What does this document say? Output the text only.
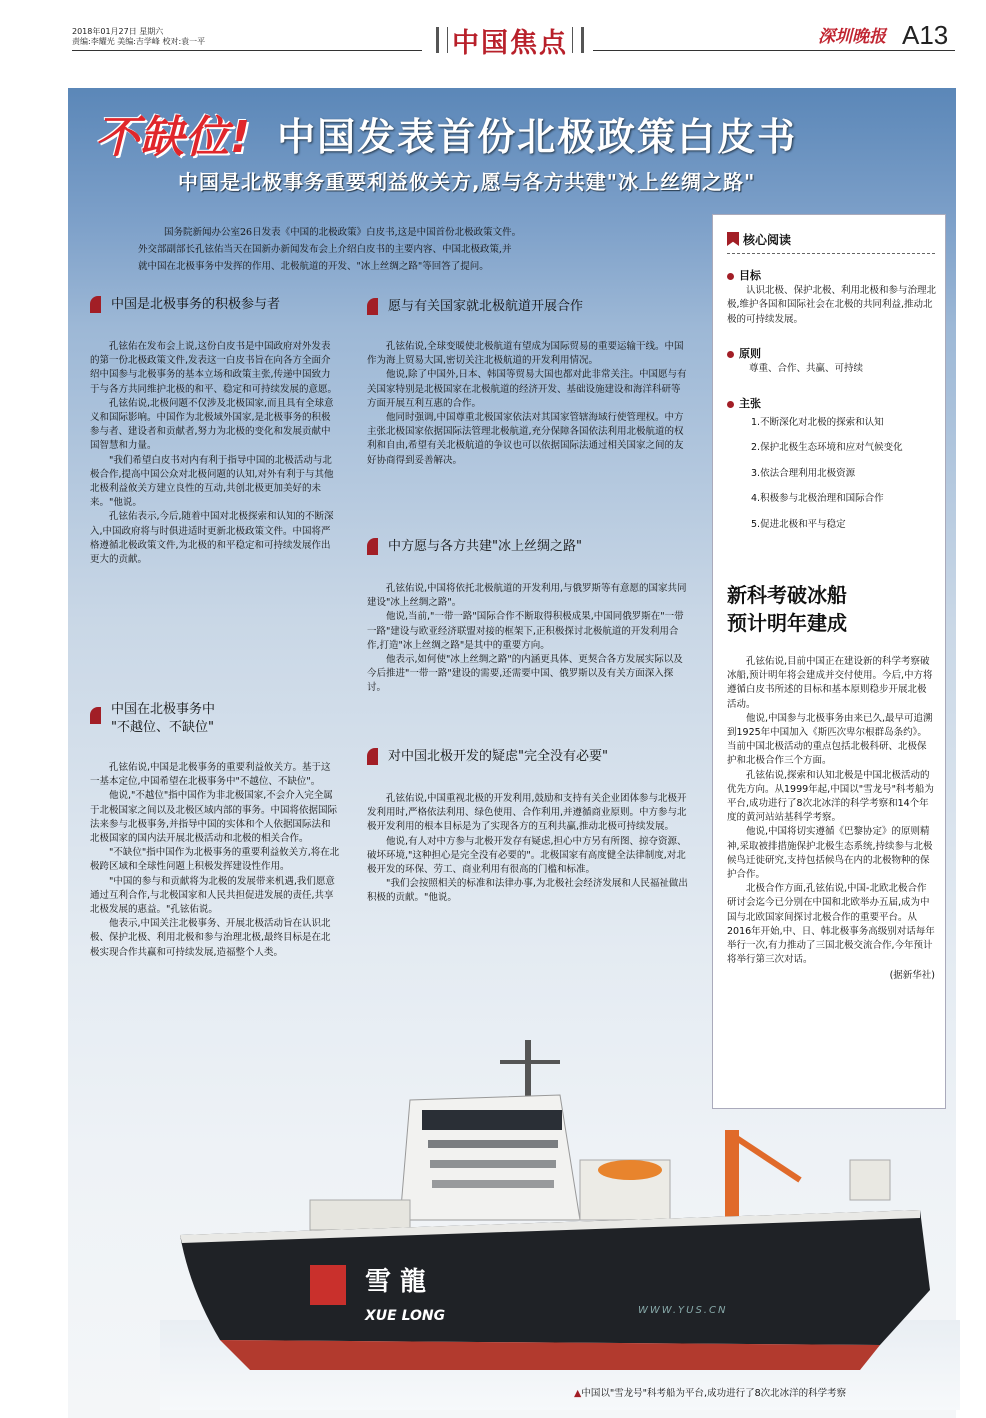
2018年01月27日 星期六
责编:李耀光 美编:吉学峰 校对:袁一平	中国焦点	深圳晚报 A13
不缺位! 中国发表首份北极政策白皮书
中国是北极事务重要利益攸关方,愿与各方共建"冰上丝绸之路"

国务院新闻办公室26日发表《中国的北极政策》白皮书,这是中国首份北极政策文件。

外交部副部长孔铉佑当天在国新办新闻发布会上介绍白皮书的主要内容、中国北极政策,并

就中国在北极事务中发挥的作用、北极航道的开发、"冰上丝绸之路"等回答了提问。

中国是北极事务的积极参与者

孔铉佑在发布会上说,这份白皮书是中国政府对外发表的第一份北极政策文件,发表这一白皮书旨在向各方全面介绍中国参与北极事务的基本立场和政策主张,传递中国致力于与各方共同维护北极的和平、稳定和可持续发展的意愿。

孔铉佑说,北极问题不仅涉及北极国家,而且具有全球意义和国际影响。中国作为北极域外国家,是北极事务的积极参与者、建设者和贡献者,努力为北极的变化和发展贡献中国智慧和力量。

"我们希望白皮书对内有利于指导中国的北极活动与北极合作,提高中国公众对北极问题的认知,对外有利于与其他北极利益攸关方建立良性的互动,共创北极更加美好的未来。"他说。

孔铉佑表示,今后,随着中国对北极探索和认知的不断深入,中国政府将与时俱进适时更新北极政策文件。中国将严格遵循北极政策文件,为北极的和平稳定和可持续发展作出更大的贡献。

中国在北极事务中
"不越位、不缺位"

孔铉佑说,中国是北极事务的重要利益攸关方。基于这一基本定位,中国希望在北极事务中"不越位、不缺位"。

他说,"不越位"指中国作为非北极国家,不会介入完全属于北极国家之间以及北极区域内部的事务。中国将依据国际法来参与北极事务,并指导中国的实体和个人依据国际法和北极国家的国内法开展北极活动和北极的相关合作。

"不缺位"指中国作为北极事务的重要利益攸关方,将在北极跨区域和全球性问题上积极发挥建设性作用。

"中国的参与和贡献将为北极的发展带来机遇,我们愿意通过互利合作,与北极国家和人民共担促进发展的责任,共享北极发展的惠益。"孔铉佑说。

他表示,中国关注北极事务、开展北极活动旨在认识北极、保护北极、利用北极和参与治理北极,最终目标是在北极实现合作共赢和可持续发展,造福整个人类。

愿与有关国家就北极航道开展合作

孔铉佑说,全球变暖使北极航道有望成为国际贸易的重要运输干线。中国作为海上贸易大国,密切关注北极航道的开发利用情况。

他说,除了中国外,日本、韩国等贸易大国也都对此非常关注。中国愿与有关国家特别是北极国家在北极航道的经济开发、基础设施建设和海洋科研等方面开展互利互惠的合作。

他同时强调,中国尊重北极国家依法对其国家管辖海域行使管理权。中方主张北极国家依据国际法管理北极航道,充分保障各国依法利用北极航道的权利和自由,希望有关北极航道的争议也可以依据国际法通过相关国家之间的友好协商得到妥善解决。

中方愿与各方共建"冰上丝绸之路"

孔铉佑说,中国将依托北极航道的开发利用,与俄罗斯等有意愿的国家共同建设"冰上丝绸之路"。

他说,当前,"一带一路"国际合作不断取得积极成果,中国同俄罗斯在"一带一路"建设与欧亚经济联盟对接的框架下,正积极探讨北极航道的开发利用合作,打造"冰上丝绸之路"是其中的重要方向。

他表示,如何使"冰上丝绸之路"的内涵更具体、更契合各方发展实际以及今后推进"一带一路"建设的需要,还需要中国、俄罗斯以及有关方面深入探讨。

对中国北极开发的疑虑"完全没有必要"

孔铉佑说,中国重视北极的开发利用,鼓励和支持有关企业团体参与北极开发利用时,严格依法利用、绿色使用、合作利用,并遵循商业原则。中方参与北极开发利用的根本目标是为了实现各方的互利共赢,推动北极可持续发展。

他说,有人对中方参与北极开发存有疑虑,担心中方另有所图、掠夺资源、破坏环境,"这种担心是完全没有必要的"。北极国家有高度健全法律制度,对北极开发的环保、劳工、商业利用有很高的门槛和标准。

"我们会按照相关的标准和法律办事,为北极社会经济发展和人民福祉做出积极的贡献。"他说。

核心阅读
目标
认识北极、保护北极、利用北极和参与治理北极,维护各国和国际社会在北极的共同利益,推动北极的可持续发展。
原则
尊重、合作、共赢、可持续
主张
1.不断深化对北极的探索和认知
2.保护北极生态环境和应对气候变化
3.依法合理利用北极资源
4.积极参与北极治理和国际合作
5.促进北极和平与稳定
新科考破冰船
预计明年建成

孔铉佑说,目前中国正在建设新的科学考察破冰船,预计明年将会建成并交付使用。今后,中方将遵循白皮书所述的目标和基本原则稳步开展北极活动。

他说,中国参与北极事务由来已久,最早可追溯到1925年中国加入《斯匹次卑尔根群岛条约》。当前中国北极活动的重点包括北极科研、北极保护和北极合作三个方面。

孔铉佑说,探索和认知北极是中国北极活动的优先方向。从1999年起,中国以"雪龙号"科考船为平台,成功进行了8次北冰洋的科学考察和14个年度的黄河站站基科学考察。

他说,中国将切实遵循《巴黎协定》的原则精神,采取被排措施保护北极生态系统,持续参与北极候鸟迁徙研究,支持包括候鸟在内的北极物种的保护合作。

北极合作方面,孔铉佑说,中国-北欧北极合作研讨会迄今已分别在中国和北欧举办五届,成为中国与北欧国家间探讨北极合作的重要平台。从2016年开始,中、日、韩北极事务高级别对话每年举行一次,有力推动了三国北极交流合作,今年预计将举行第三次对话。

(据新华社)
雪 龍
XUE LONG	WWW.YUS.CN
▲中国以"雪龙号"科考船为平台,成功进行了8次北冰洋的科学考察
